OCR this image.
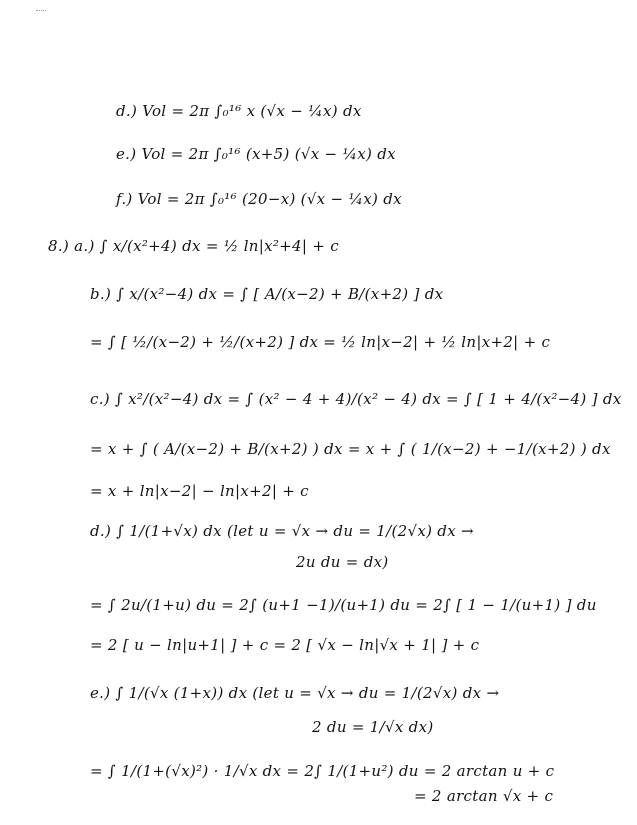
d.) Vol = 2π ∫₀¹⁶ x (√x − ¼x) dx
e.) Vol = 2π ∫₀¹⁶ (x+5) (√x − ¼x) dx
f.) Vol = 2π ∫₀¹⁶ (20−x) (√x − ¼x) dx
8.) a.) ∫ x/(x²+4) dx = ½ ln|x²+4| + c
b.) ∫ x/(x²−4) dx = ∫ [ A/(x−2) + B/(x+2) ] dx
= ∫ [ ½/(x−2) + ½/(x+2) ] dx = ½ ln|x−2| + ½ ln|x+2| + c
c.) ∫ x²/(x²−4) dx = ∫ (x² − 4 + 4)/(x² − 4) dx = ∫ [ 1 + 4/(x²−4) ] dx
= x + ∫ ( A/(x−2) + B/(x+2) ) dx = x + ∫ ( 1/(x−2) + −1/(x+2) ) dx
= x + ln|x−2| − ln|x+2| + c
d.) ∫ 1/(1+√x) dx (let u = √x → du = 1/(2√x) dx →
2u du = dx)
= ∫ 2u/(1+u) du = 2∫ (u+1 −1)/(u+1) du = 2∫ [ 1 − 1/(u+1) ] du
= 2 [ u − ln|u+1| ] + c = 2 [ √x − ln|√x + 1| ] + c
e.) ∫ 1/(√x (1+x)) dx (let u = √x → du = 1/(2√x) dx →
2 du = 1/√x dx)
= ∫ 1/(1+(√x)²) · 1/√x dx = 2∫ 1/(1+u²) du = 2 arctan u + c
= 2 arctan √x + c
